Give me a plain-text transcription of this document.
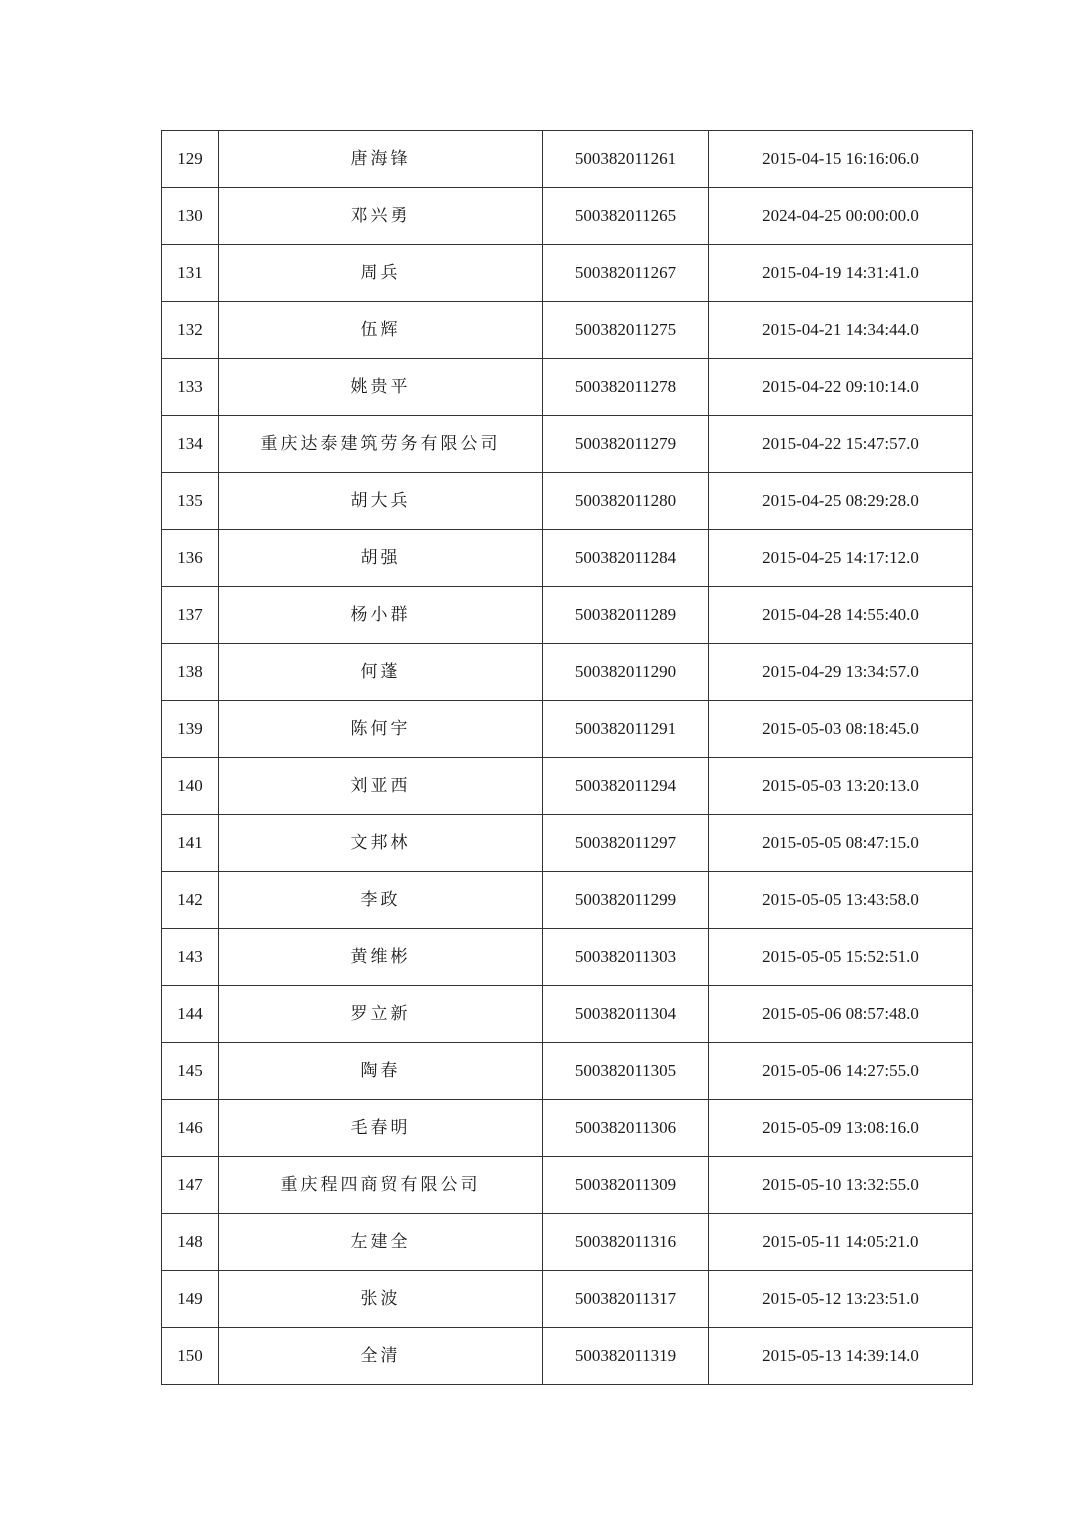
129	唐海锋	500382011261	2015-04-15 16:16:06.0
130	邓兴勇	500382011265	2024-04-25 00:00:00.0
131	周兵	500382011267	2015-04-19 14:31:41.0
132	伍辉	500382011275	2015-04-21 14:34:44.0
133	姚贵平	500382011278	2015-04-22 09:10:14.0
134	重庆达泰建筑劳务有限公司	500382011279	2015-04-22 15:47:57.0
135	胡大兵	500382011280	2015-04-25 08:29:28.0
136	胡强	500382011284	2015-04-25 14:17:12.0
137	杨小群	500382011289	2015-04-28 14:55:40.0
138	何蓬	500382011290	2015-04-29 13:34:57.0
139	陈何宇	500382011291	2015-05-03 08:18:45.0
140	刘亚西	500382011294	2015-05-03 13:20:13.0
141	文邦林	500382011297	2015-05-05 08:47:15.0
142	李政	500382011299	2015-05-05 13:43:58.0
143	黄维彬	500382011303	2015-05-05 15:52:51.0
144	罗立新	500382011304	2015-05-06 08:57:48.0
145	陶春	500382011305	2015-05-06 14:27:55.0
146	毛春明	500382011306	2015-05-09 13:08:16.0
147	重庆程四商贸有限公司	500382011309	2015-05-10 13:32:55.0
148	左建全	500382011316	2015-05-11 14:05:21.0
149	张波	500382011317	2015-05-12 13:23:51.0
150	全清	500382011319	2015-05-13 14:39:14.0
